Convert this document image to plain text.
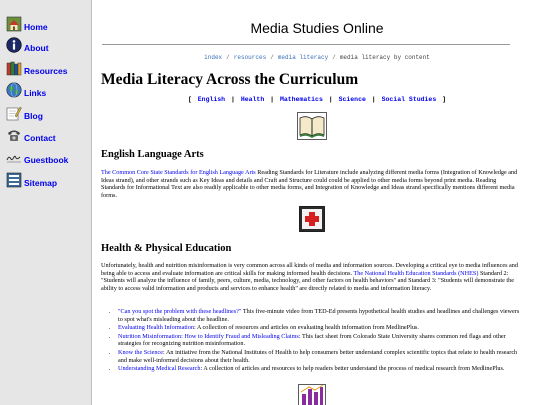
Home
About
Resources
Links
Blog
Contact
Guestbook
Sitemap
Media Studies Online
index / resources / media literacy / media literacy by content
Media Literacy Across the Curriculum
[ English | Health | Mathematics | Science | Social Studies ]
English Language Arts

The Common Core State Standards for English Language Arts Reading Standards for Literature include analyzing different media forms (Integration of Knowledge and Ideas strand), and other strands such as Key Ideas and details and Craft and Structure could could be applied to other media forms beyond print media. Reading Standards for Informational Text are also readily applicable to other media forms, and Integration of Knowledge and Ideas strand specifically mentions different media forms.

Health & Physical Education

Unfortunately, health and nutrition misinformation is very common across all kinds of media and information sources. Developing a critical eye to media influences and being able to access and evaluate information are critical skills for making informed health decisions. The National Health Education Standards (NHES) Standard 2: "Students will analyze the influence of family, peers, culture, media, technology, and other factors on health behaviors" and Standard 3: "Students will demonstrate the ability to access valid information and products and services to enhance health" are directly related to media and information literacy.

• "Can you spot the problem with these headlines?" This five-minute video from TED-Ed presents hypothetical health studies and headlines and challenges viewers to spot what's misleading about the headline.
• Evaluating Health Information: A collection of resources and articles on evaluating health information from MedlinePlus.
• Nutrition Misinformation: How to Identify Fraud and Misleading Claims: This fact sheet from Colorado State University shares common red flags and other strategies for recognizing nutrition misinformation.
• Know the Science: An initiative from the National Institutes of Health to help consumers better understand complex scientific topics that relate to health research and make well-informed decisions about their health.
• Understanding Medical Research: A collection of articles and resources to help readers better understand the process of medical research from MedlinePlus.
